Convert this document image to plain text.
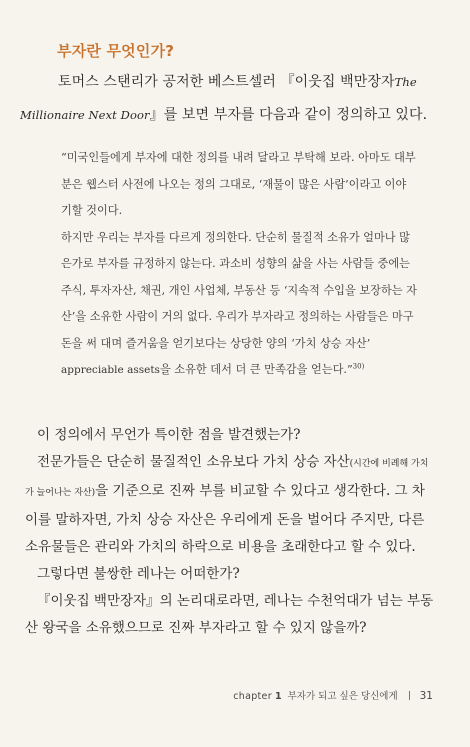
부자란 무엇인가?
토머스 스탠리가 공저한 베스트셀러 『이웃집 백만장자The Millionaire Next Door』를 보면 부자를 다음과 같이 정의하고 있다.

“미국인들에게 부자에 대한 정의를 내려 달라고 부탁해 보라. 아마도 대부분은 웹스터 사전에 나오는 정의 그대로, ‘재물이 많은 사람’이라고 이야기할 것이다.

하지만 우리는 부자를 다르게 정의한다. 단순히 물질적 소유가 얼마나 많은가로 부자를 규정하지 않는다. 과소비 성향의 삶을 사는 사람들 중에는 주식, 투자자산, 채권, 개인 사업체, 부동산 등 ‘지속적 수입을 보장하는 자산’을 소유한 사람이 거의 없다. 우리가 부자라고 정의하는 사람들은 마구 돈을 써 대며 즐거움을 얻기보다는 상당한 양의 ‘가치 상승 자산’ appreciable assets을 소유한 데서 더 큰 만족감을 얻는다.”$^{30)}$

이 정의에서 무언가 특이한 점을 발견했는가?

전문가들은 단순히 물질적인 소유보다 가치 상승 자산(시간에 비례해 가치가 늘어나는 자산)을 기준으로 진짜 부를 비교할 수 있다고 생각한다. 그 차이를 말하자면, 가치 상승 자산은 우리에게 돈을 벌어다 주지만, 다른 소유물들은 관리와 가치의 하락으로 비용을 초래한다고 할 수 있다.

그렇다면 불쌍한 레나는 어떠한가?

『이웃집 백만장자』의 논리대로라면, 레나는 수천억대가 넘는 부동산 왕국을 소유했으므로 진짜 부자라고 할 수 있지 않을까?

chapter 1 부자가 되고 싶은 당신에게 31
